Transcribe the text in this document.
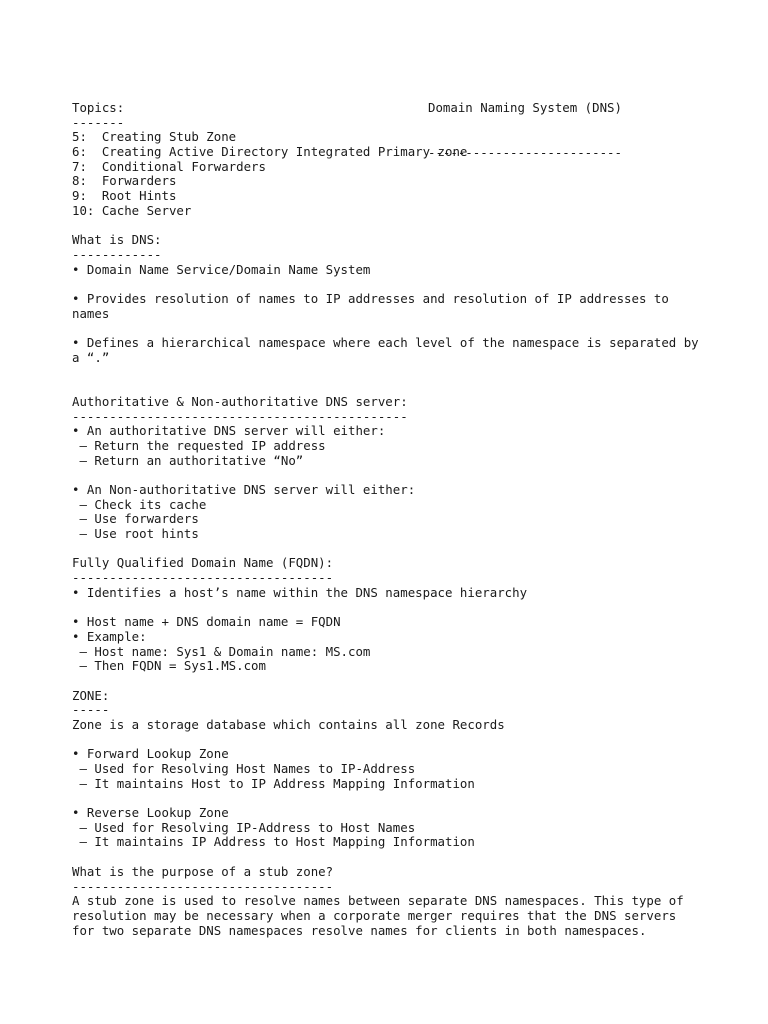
Domain Naming System (DNS)

--------------------------

Topics:
-------
5:  Creating Stub Zone
6:  Creating Active Directory Integrated Primary zone
7:  Conditional Forwarders
8:  Forwarders
9:  Root Hints
10: Cache Server
What is DNS:
------------
• Domain Name Service/Domain Name System
• Provides resolution of names to IP addresses and resolution of IP addresses to names
• Defines a hierarchical namespace where each level of the namespace is separated by a “.”
Authoritative & Non-authoritative DNS server:
---------------------------------------------
• An authoritative DNS server will either:
– Return the requested IP address
– Return an authoritative “No”
• An Non-authoritative DNS server will either:
– Check its cache
– Use forwarders
– Use root hints
Fully Qualified Domain Name (FQDN):
-----------------------------------
• Identifies a host’s name within the DNS namespace hierarchy
• Host name + DNS domain name = FQDN
• Example:
– Host name: Sys1 & Domain name: MS.com
– Then FQDN = Sys1.MS.com
ZONE:
-----
Zone is a storage database which contains all zone Records
• Forward Lookup Zone
– Used for Resolving Host Names to IP-Address
– It maintains Host to IP Address Mapping Information
• Reverse Lookup Zone
– Used for Resolving IP-Address to Host Names
– It maintains IP Address to Host Mapping Information
What is the purpose of a stub zone?
-----------------------------------
A stub zone is used to resolve names between separate DNS namespaces. This type of
resolution may be necessary when a corporate merger requires that the DNS servers
for two separate DNS namespaces resolve names for clients in both namespaces.
